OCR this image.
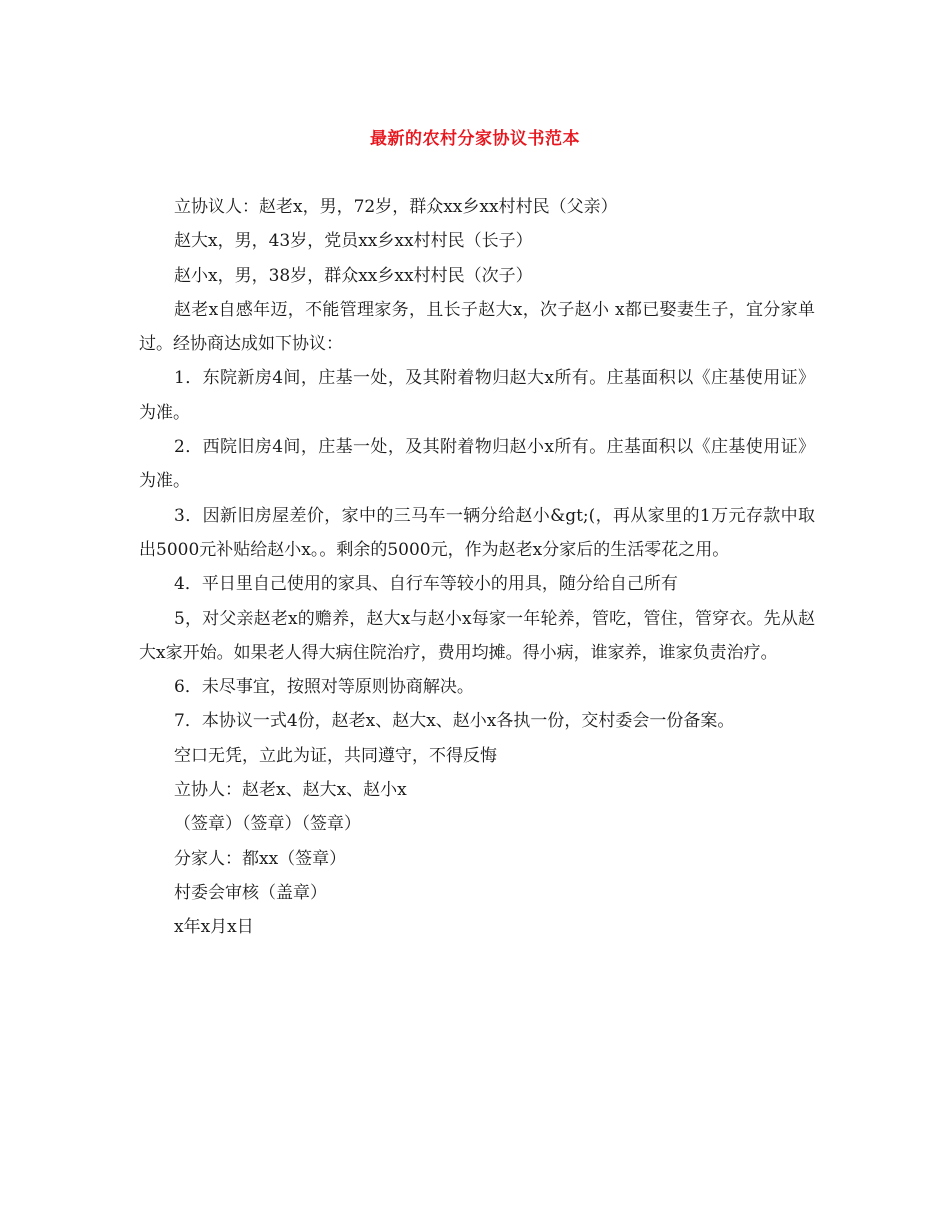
最新的农村分家协议书范本

立协议人：赵老x，男，72岁，群众xx乡xx村村民（父亲）

赵大x，男，43岁，党员xx乡xx村村民（长子）

赵小x，男，38岁，群众xx乡xx村村民（次子）

赵老x自感年迈，不能管理家务，且长子赵大x，次子赵小 x都已娶妻生子，宜分家单过。经协商达成如下协议：

1．东院新房4间，庄基一处，及其附着物归赵大x所有。庄基面积以《庄基使用证》为准。

2．西院旧房4间，庄基一处，及其附着物归赵小x所有。庄基面积以《庄基使用证》为准。

3．因新旧房屋差价，家中的三马车一辆分给赵小&gt;(，再从家里的1万元存款中取出5000元补贴给赵小x。。剩余的5000元，作为赵老x分家后的生活零花之用。

4．平日里自己使用的家具、自行车等较小的用具，随分给自己所有

5，对父亲赵老x的赡养，赵大x与赵小x每家一年轮养，管吃，管住，管穿衣。先从赵大x家开始。如果老人得大病住院治疗，费用均摊。得小病，谁家养，谁家负责治疗。

6．未尽事宜，按照对等原则协商解决。

7．本协议一式4份，赵老x、赵大x、赵小x各执一份，交村委会一份备案。

空口无凭，立此为证，共同遵守，不得反悔

立协人：赵老x、赵大x、赵小x

（签章）（签章）（签章）

分家人：都xx（签章）

村委会审核（盖章）

x年x月x日
